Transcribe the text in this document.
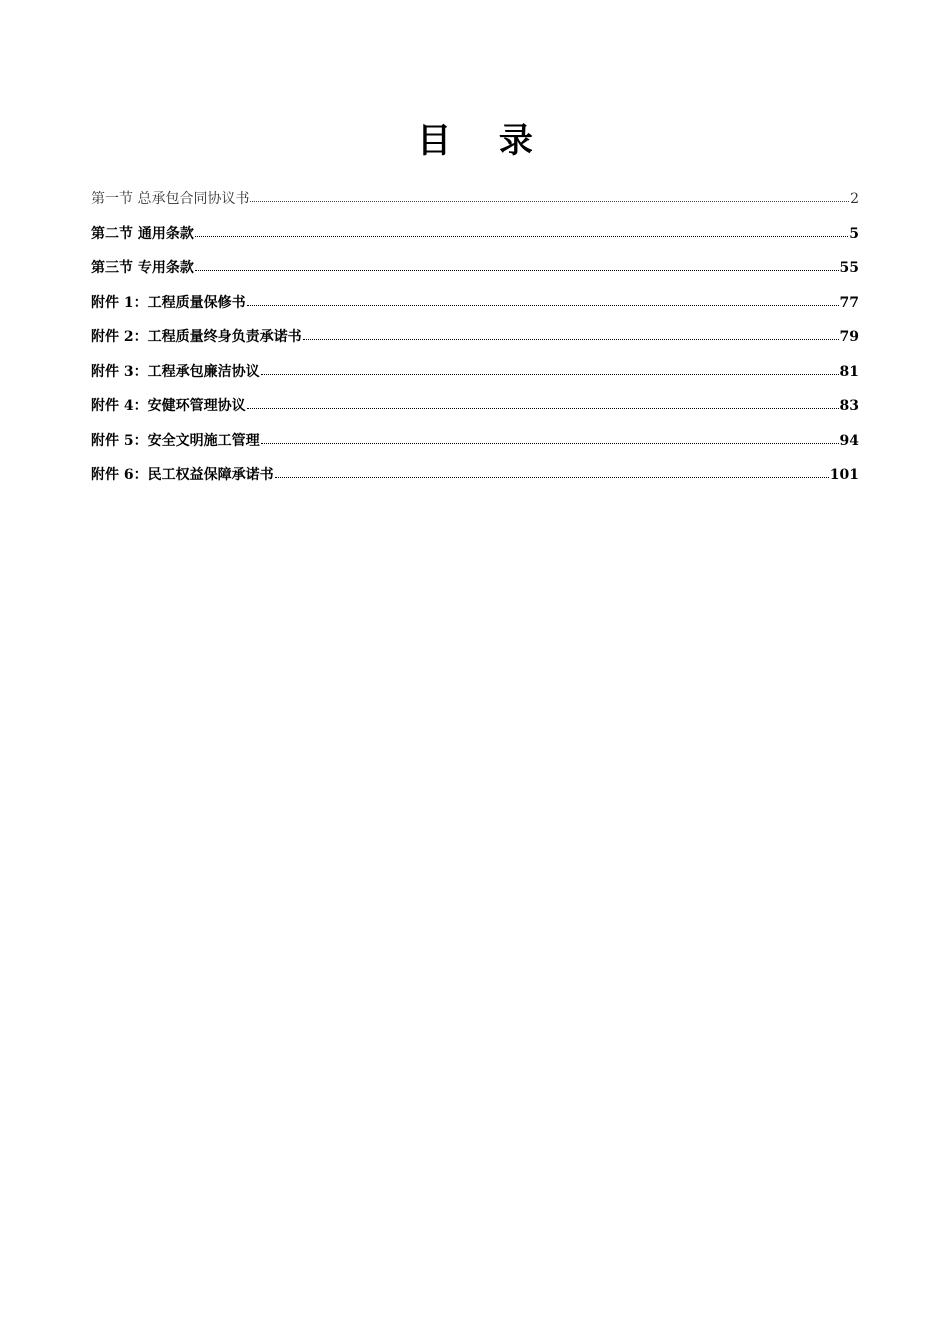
目 录
第一节 总承包合同协议书	2
第二节 通用条款	5
第三节 专用条款	55
附件 1：工程质量保修书	77
附件 2：工程质量终身负责承诺书	79
附件 3：工程承包廉洁协议	81
附件 4：安健环管理协议	83
附件 5：安全文明施工管理	94
附件 6：民工权益保障承诺书	101
